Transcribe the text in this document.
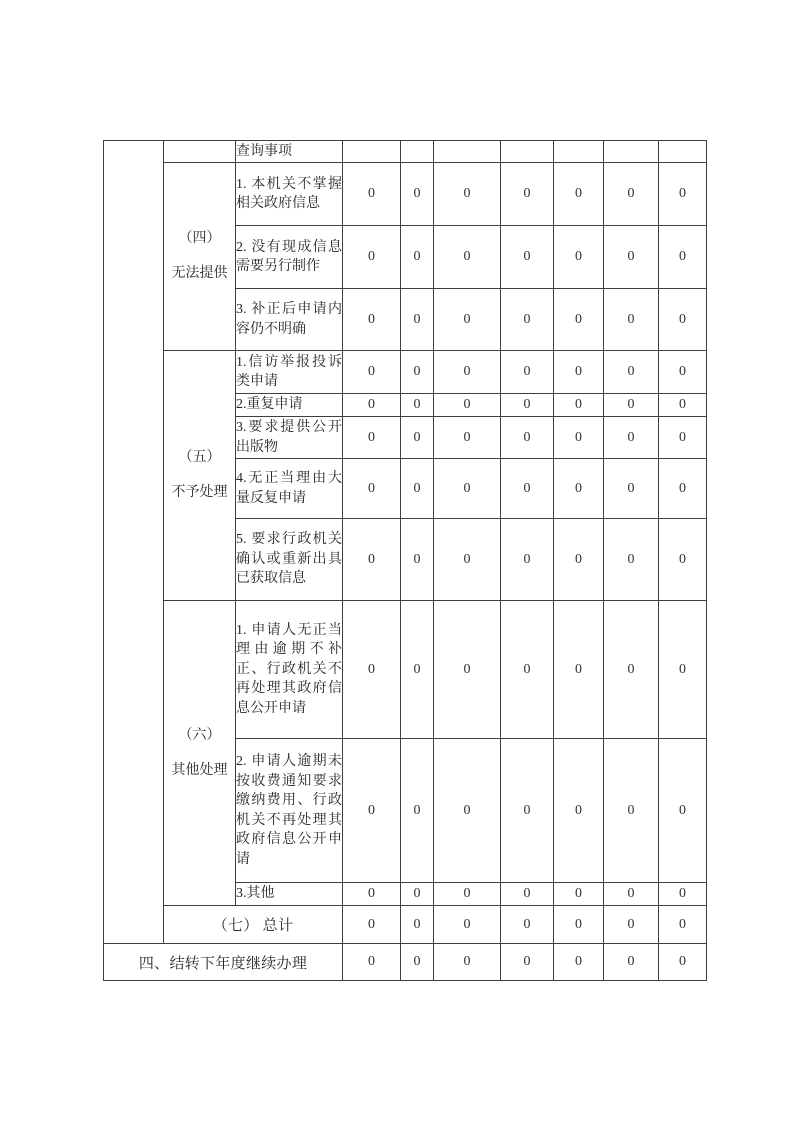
		查询事项							

	（四）
无法提供	1. 本机关不掌握相关政府信息	0	0	0	0	0	0	0
		2. 没有现成信息需要另行制作	0	0	0	0	0	0	0
		3. 补正后申请内容仍不明确	0	0	0	0	0	0	0

	（五）
不予处理	1.信访举报投诉类申请	0	0	0	0	0	0	0
		2.重复申请	0	0	0	0	0	0	0
		3.要求提供公开出版物	0	0	0	0	0	0	0
		4.无正当理由大量反复申请	0	0	0	0	0	0	0
		5. 要求行政机关确认或重新出具已获取信息	0	0	0	0	0	0	0

	（六）
其他处理	1. 申请人无正当理由逾期不补正、行政机关不再处理其政府信息公开申请	0	0	0	0	0	0	0
		2. 申请人逾期未按收费通知要求缴纳费用、行政机关不再处理其政府信息公开申请	0	0	0	0	0	0	0
		3.其他	0	0	0	0	0	0	0
	（七） 总计		0	0	0	0	0	0	0
四、结转下年度继续办理			0	0	0	0	0	0	0
